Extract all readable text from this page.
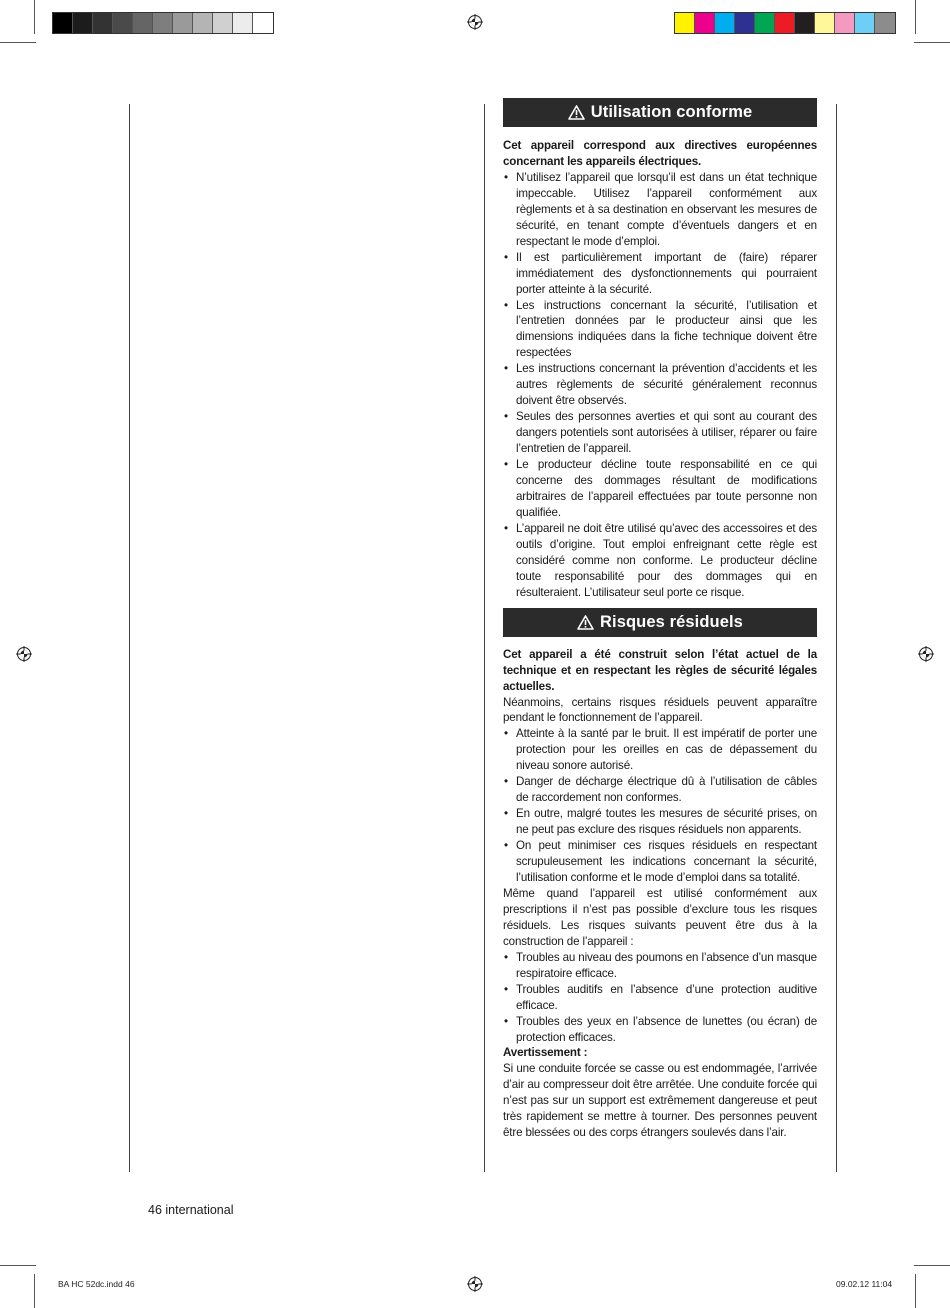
Utilisation conforme

Cet appareil correspond aux directives européennes concernant les appareils électriques.

• N’utilisez l’appareil que lorsqu’il est dans un état technique impeccable. Utilisez l’appareil conformément aux règlements et à sa destination en observant les mesures de sécurité, en tenant compte d’éventuels dangers et en respectant le mode d’emploi.
• Il est particulièrement important de (faire) réparer immédiatement des dysfonctionnements qui pourraient porter atteinte à la sécurité.
• Les instructions concernant la sécurité, l’utilisation et l’entretien données par le producteur ainsi que les dimensions indiquées dans la fiche technique doivent être respectées
• Les instructions concernant la prévention d’accidents et les autres règlements de sécurité généralement reconnus doivent être observés.
• Seules des personnes averties et qui sont au courant des dangers potentiels sont autorisées à utiliser, réparer ou faire l’entretien de l’appareil.
• Le producteur décline toute responsabilité en ce qui concerne des dommages résultant de modifications arbitraires de l’appareil effectuées par toute personne non qualifiée.
• L’appareil ne doit être utilisé qu’avec des accessoires et des outils d’origine. Tout emploi enfreignant cette règle est considéré comme non conforme. Le producteur décline toute responsabilité pour des dommages qui en résulteraient. L’utilisateur seul porte ce risque.
Risques résiduels

Cet appareil a été construit selon l’état actuel de la technique et en respectant les règles de sécurité légales actuelles.

Néanmoins, certains risques résiduels peuvent apparaître pendant le fonctionnement de l’appareil.

• Atteinte à la santé par le bruit. Il est impératif de porter une protection pour les oreilles en cas de dépassement du niveau sonore autorisé.
• Danger de décharge électrique dû à l’utilisation de câbles de raccordement non conformes.
• En outre, malgré toutes les mesures de sécurité prises, on ne peut pas exclure des risques résiduels non apparents.
• On peut minimiser ces risques résiduels en respectant scrupuleusement les indications concernant la sécurité, l’utilisation conforme et le mode d’emploi dans sa totalité.

Même quand l’appareil est utilisé conformément aux prescriptions il n’est pas possible d’exclure tous les risques résiduels. Les risques suivants peuvent être dus à la construction de l’appareil :

• Troubles au niveau des poumons en l’absence d’un masque respiratoire efficace.
• Troubles auditifs en l’absence d’une protection auditive efficace.
• Troubles des yeux en l’absence de lunettes (ou écran) de protection efficaces.

Avertissement :

Si une conduite forcée se casse ou est endommagée, l’arrivée d’air au compresseur doit être arrêtée. Une conduite forcée qui n’est pas sur un support est extrêmement dangereuse et peut très rapidement se mettre à tourner. Des personnes peuvent être blessées ou des corps étrangers soulevés dans l’air.

46 international
BA HC 52dc.indd 46	09.02.12 11:04
